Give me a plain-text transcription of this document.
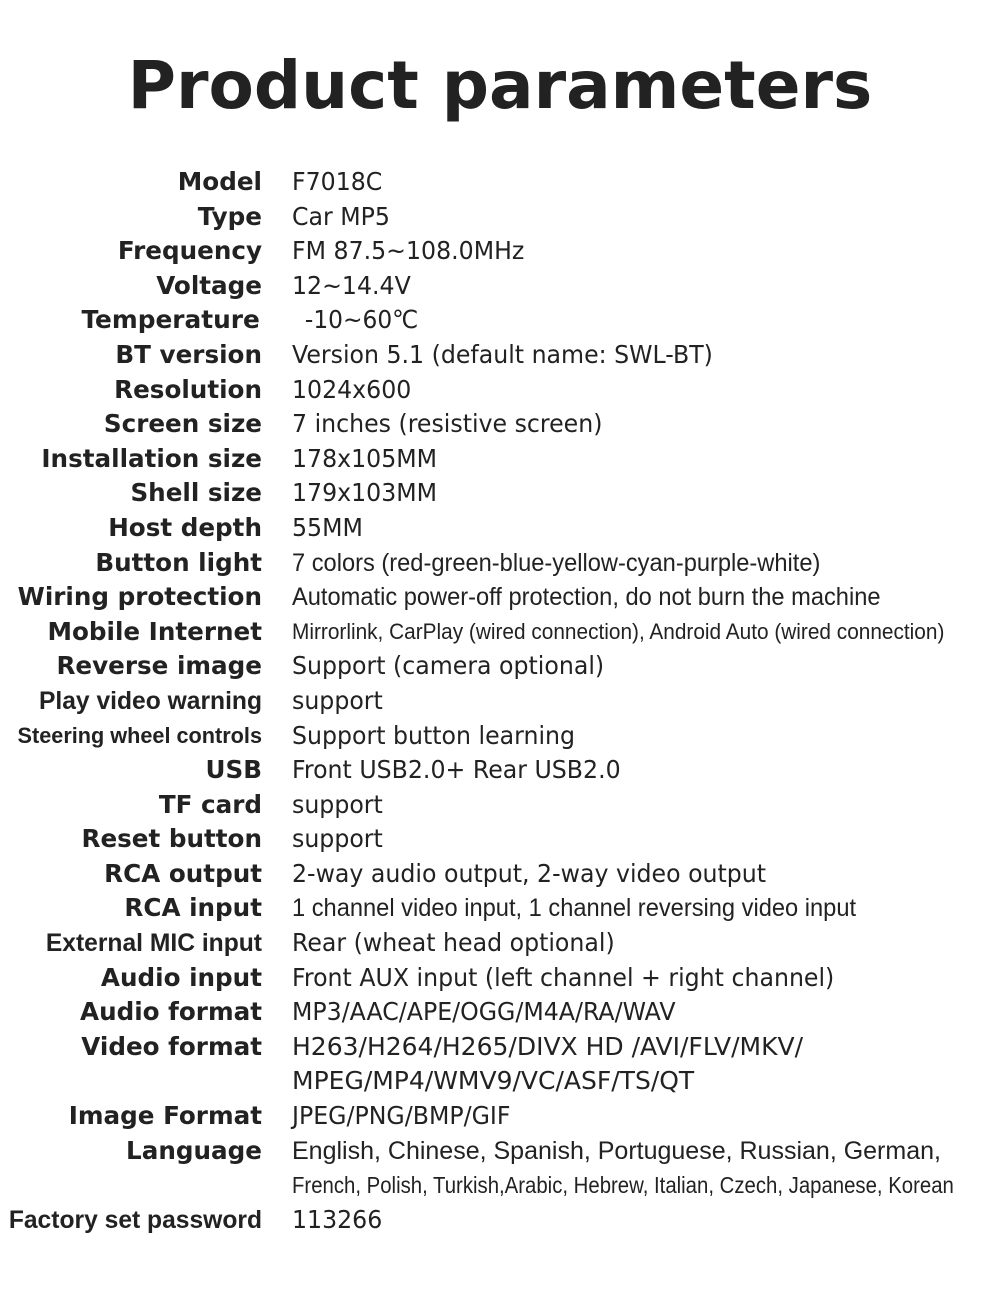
Product parameters
Model F7018C
Type Car MP5
Frequency FM 87.5~108.0MHz
Voltage 12~14.4V
Temperature	-10~60℃
BT version Version 5.1 (default name: SWL-BT)
Resolution 1024x600
Screen size 7 inches (resistive screen)
Installation size 178x105MM
Shell size 179x103MM
Host depth 55MM
Button light 7 colors (red-green-blue-yellow-cyan-purple-white)
Wiring protection Automatic power-off protection, do not burn the machine
Mobile Internet Mirrorlink, CarPlay (wired connection), Android Auto (wired connection)
Reverse image Support (camera optional)
Play video warning support
Steering wheel controls Support button learning
USB Front USB2.0+ Rear USB2.0
TF card support
Reset button support
RCA output 2-way audio output, 2-way video output
RCA input 1 channel video input, 1 channel reversing video input
External MIC input Rear (wheat head optional)
Audio input Front AUX input (left channel + right channel)
Audio format MP3/AAC/APE/OGG/M4A/RA/WAV
Video format H263/H264/H265/DIVX HD /AVI/FLV/MKV/
MPEG/MP4/WMV9/VC/ASF/TS/QT
Image Format JPEG/PNG/BMP/GIF
Language English, Chinese, Spanish, Portuguese, Russian, German,
French, Polish, Turkish,Arabic, Hebrew, Italian, Czech, Japanese, Korean
Factory set password 113266
